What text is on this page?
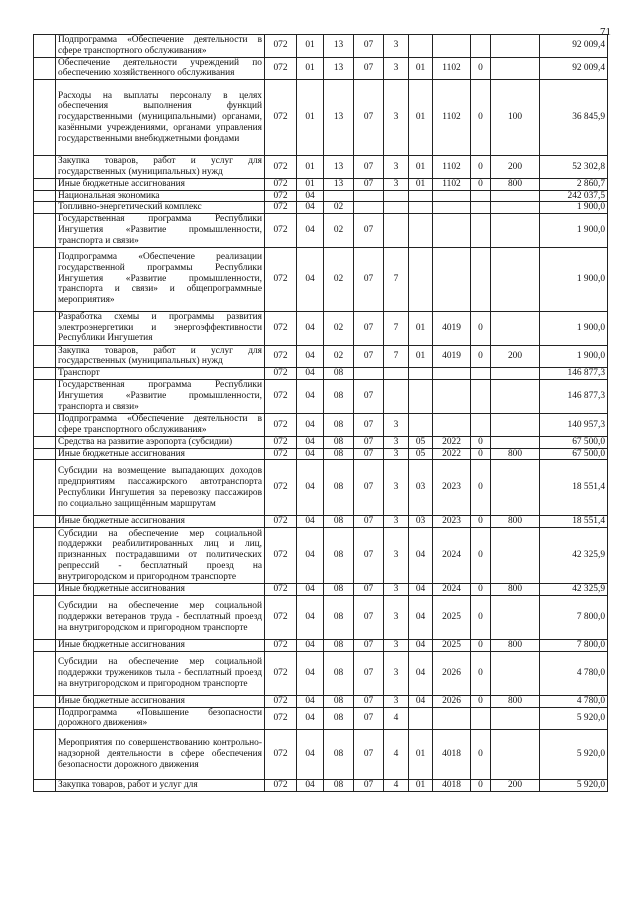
71
	Подпрограмма «Обеспечение деятельности в сфере транспортного обслуживания»	072	01	13	07	3					92 009,4
	Обеспечение деятельности учреждений по обеспечению хозяйственного обслуживания	072	01	13	07	3	01	1102	0		92 009,4
	Расходы на выплаты персоналу в целях обеспечения выполнения функций государственными (муниципальными) органами, казёнными учреждениями, органами управления государственными внебюджетными фондами	072	01	13	07	3	01	1102	0	100	36 845,9
	Закупка товаров, работ и услуг для государственных (муниципальных) нужд	072	01	13	07	3	01	1102	0	200	52 302,8
	Иные бюджетные ассигнования	072	01	13	07	3	01	1102	0	800	2 860,7
	Национальная экономика	072	04								242 037,5
	Топливно-энергетический комплекс	072	04	02							1 900,0
	Государственная программа Республики Ингушетия «Развитие промышленности, транспорта и связи»	072	04	02	07						1 900,0
	Подпрограмма «Обеспечение реализации государственной программы Республики Ингушетия «Развитие промышленности, транспорта и связи» и общепрограммные мероприятия»	072	04	02	07	7					1 900,0
	Разработка схемы и программы развития электроэнергетики и энергоэффективности Республики Ингушетия	072	04	02	07	7	01	4019	0		1 900,0
	Закупка товаров, работ и услуг для государственных (муниципальных) нужд	072	04	02	07	7	01	4019	0	200	1 900,0
	Транспорт	072	04	08							146 877,3
	Государственная программа Республики Ингушетия «Развитие промышленности, транспорта и связи»	072	04	08	07						146 877,3
	Подпрограмма «Обеспечение деятельности в сфере транспортного обслуживания»	072	04	08	07	3					140 957,3
	Средства на развитие аэропорта (субсидии)	072	04	08	07	3	05	2022	0		67 500,0
	Иные бюджетные ассигнования	072	04	08	07	3	05	2022	0	800	67 500,0
	Субсидии на возмещение выпадающих доходов предприятиям пассажирского автотранспорта Республики Ингушетия за перевозку пассажиров по социально защищённым маршрутам	072	04	08	07	3	03	2023	0		18 551,4
	Иные бюджетные ассигнования	072	04	08	07	3	03	2023	0	800	18 551,4
	Субсидии на обеспечение мер социальной поддержки реабилитированных лиц и лиц, признанных пострадавшими от политических репрессий - бесплатный проезд на внутригородском и пригородном транспорте	072	04	08	07	3	04	2024	0		42 325,9
	Иные бюджетные ассигнования	072	04	08	07	3	04	2024	0	800	42 325,9
	Субсидии на обеспечение мер социальной поддержки ветеранов труда - бесплатный проезд на внутригородском и пригородном транспорте	072	04	08	07	3	04	2025	0		7 800,0
	Иные бюджетные ассигнования	072	04	08	07	3	04	2025	0	800	7 800,0
	Субсидии на обеспечение мер социальной поддержки тружеников тыла - бесплатный проезд на внутригородском и пригородном транспорте	072	04	08	07	3	04	2026	0		4 780,0
	Иные бюджетные ассигнования	072	04	08	07	3	04	2026	0	800	4 780,0
	Подпрограмма «Повышение безопасности дорожного движения»	072	04	08	07	4					5 920,0
	Мероприятия по совершенствованию контрольно-надзорной деятельности в сфере обеспечения безопасности дорожного движения	072	04	08	07	4	01	4018	0		5 920,0
	Закупка товаров, работ и услуг для	072	04	08	07	4	01	4018	0	200	5 920,0
